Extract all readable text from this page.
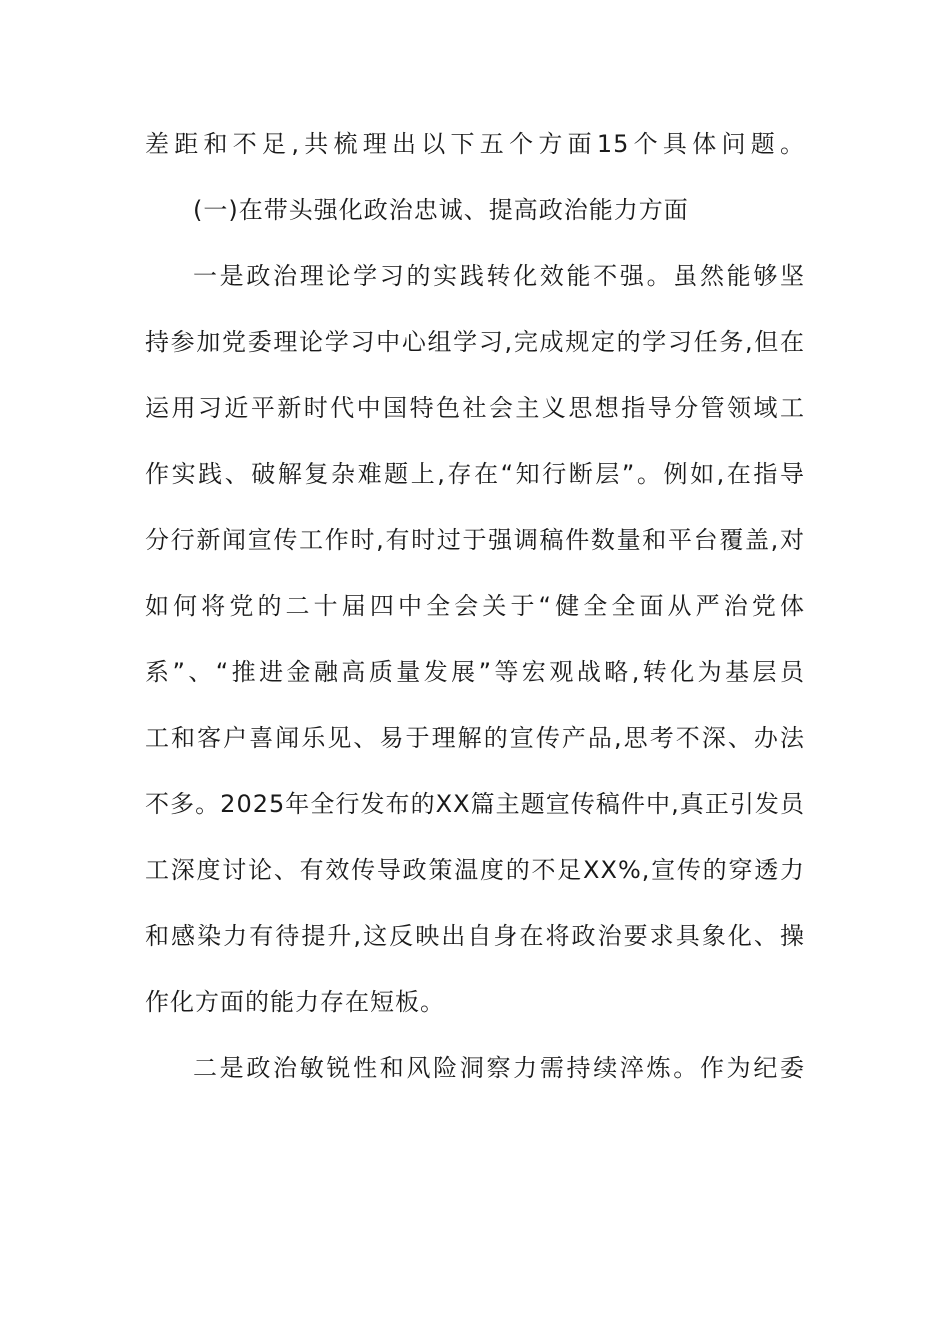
差距和不足,共梳理出以下五个方面15个具体问题。
(一)在带头强化政治忠诚、提高政治能力方面
一是政治理论学习的实践转化效能不强。虽然能够坚
持参加党委理论学习中心组学习,完成规定的学习任务,但在
运用习近平新时代中国特色社会主义思想指导分管领域工
作实践、破解复杂难题上,存在“知行断层”。例如,在指导
分行新闻宣传工作时,有时过于强调稿件数量和平台覆盖,对
如何将党的二十届四中全会关于“健全全面从严治党体
系”、“推进金融高质量发展”等宏观战略,转化为基层员
工和客户喜闻乐见、易于理解的宣传产品,思考不深、办法
不多。2025年全行发布的XX篇主题宣传稿件中,真正引发员
工深度讨论、有效传导政策温度的不足XX%,宣传的穿透力
和感染力有待提升,这反映出自身在将政治要求具象化、操
作化方面的能力存在短板。
二是政治敏锐性和风险洞察力需持续淬炼。作为纪委
